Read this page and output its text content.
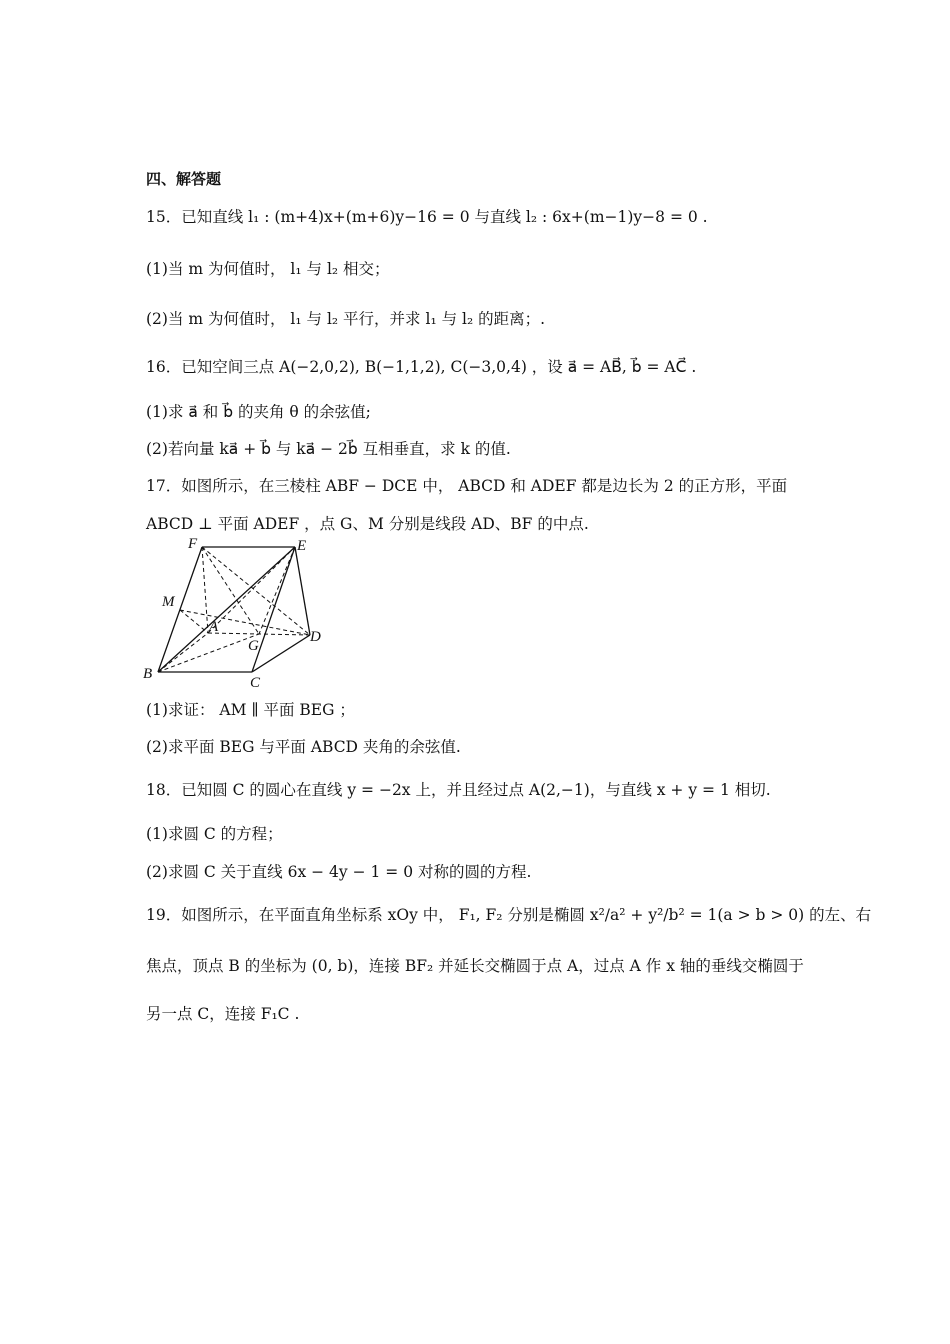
四、解答题
15．已知直线 l₁ : (m+4)x+(m+6)y−16 = 0 与直线 l₂ : 6x+(m−1)y−8 = 0 .
(1)当 m 为何值时， l₁ 与 l₂ 相交；
(2)当 m 为何值时， l₁ 与 l₂ 平行，并求 l₁ 与 l₂ 的距离；.
16．已知空间三点 A(−2,0,2), B(−1,1,2), C(−3,0,4) ，设 a⃗ = AB⃗, b⃗ = AC⃗ .
(1)求 a⃗ 和 b⃗ 的夹角 θ 的余弦值;
(2)若向量 ka⃗ + b⃗ 与 ka⃗ − 2b⃗ 互相垂直，求 k 的值.
17．如图所示，在三棱柱 ABF − DCE 中， ABCD 和 ADEF 都是边长为 2 的正方形，平面
ABCD ⊥ 平面 ADEF ，点 G、M 分别是线段 AD、BF 的中点.
F	E
M
A
G
D
B
C
(1)求证： AM ∥ 平面 BEG ；
(2)求平面 BEG 与平面 ABCD 夹角的余弦值.
18．已知圆 C 的圆心在直线 y = −2x 上，并且经过点 A(2,−1)，与直线 x + y = 1 相切.
(1)求圆 C 的方程；
(2)求圆 C 关于直线 6x − 4y − 1 = 0 对称的圆的方程.
19．如图所示，在平面直角坐标系 xOy 中， F₁, F₂ 分别是椭圆 x²/a² + y²/b² = 1(a > b > 0) 的左、右
焦点，顶点 B 的坐标为 (0, b)，连接 BF₂ 并延长交椭圆于点 A，过点 A 作 x 轴的垂线交椭圆于
另一点 C，连接 F₁C .
